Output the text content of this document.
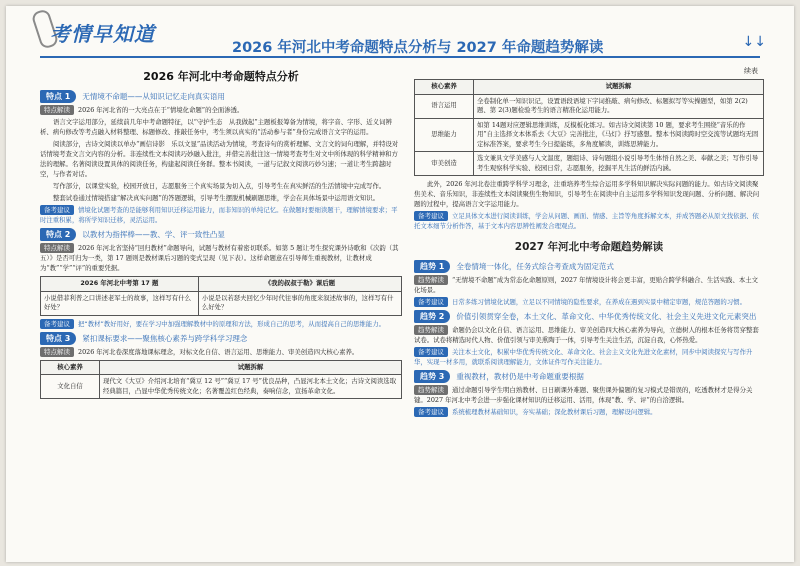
考情早知道
2026 年河北中考命题特点分析与 2027 年命题趋势解读	↓↓
2026 年河北中考命题特点分析
特点 1	无情境不命题——从知识记忆走向真实语用

特点解读 2026 年河北省的一大亮点在于“情境化命题”的全面渗透。

语言文字运用部分，延续前几年中考命题特征，以“守护生态　从我做起”主题板报筹备为情境，将字音、字形、近义词辨析、病句修改等考点融入材料整理、标题修改、推敲任务中，考生须以真实的“活动参与者”身份完成语言文字的运用。

阅读部分，古诗文阅读以单办“画信诗影　乐以文显”品读活动为情境，考查诗句的赏析理解、文言文的词句理解，并特设对话情境考查文言文内容的分析。非连续性文本阅读巧妙融入批注，并借完善批注这一情境考查考生对文中所体现的科学精神和方法的理解。名著阅读设置具体的阅读任务，构建起阅读任务群。整本书阅读，一道与记叙文阅读巧妙匀速；一道让考生跨越时空，与作者对话。

写作部分，以课堂实验，校园开放日，志愿服务三个真实场景为切入点，引导考生在真实鲜活的生活情境中完成写作。

整套试卷通过情境搭建“解决真实问题”的答题逻辑，引导考生摆脱机械刷题思维，学会在具体场景中运用语文知识。

备考建议 情境化试题考查的是能够利用知识迁移运用能力，而非知识的单纯记忆。在做题时要细读题干，理解情境要求；平时注重积累，将所学知识迁移，灵活运用。

特点 2	以教材为指挥棒——教、学、评一致性凸显

特点解读 2026 年河北省坚持“回归教材”命题导向，试题与教材有着密切联系。如第 5 题让考生探究课外诗歌和《次韵（其五）》是否可归为一类，第 17 题则是教材课后习题的变式呈现（见下表）。这样命题意在引导师生重视教材，让教材成为“教”“学”“评”的重要凭据。

2026 年河北中考第 17 题	《我的叔叔于勒》课后题
小说借菲利普之口讲述老军士的故事，这样写有什么好处？	小说是以若瑟夫回忆少年时代往事的角度来叙述故事的，这样写有什么好处？

备考建议 把“教材”教好用好，要在学习中加强理解教材中的原理和方法，形成自己的思考，从而提高自己的思维能力。

特点 3	紧扣课标要求——聚焦核心素养与跨学科学习理念

特点解读 2026 年河北卷深度落地课标理念，对标文化自信、语言运用、思维能力、审美创造四大核心素养。

核心素养	试题拆解
文化自信	现代文《大豆》介绍河北培育“冀豆 12 号”“冀豆 17 号”优良品种，凸显河北本土文化；古诗文阅读选取经典篇目，凸显中华优秀传统文化；名著覆盖红色经典，奏响信念，宣扬革命文化。
续表
核心素养	试题拆解
语言运用	全卷制化单一知识识记，设置语段语境下字词推敲、病句修改、标题拟写等实操题型，如第 2(2)题、第 2(3)题检验考生的语言精准化运用能力。
思维能力	如第 14题对应逻辑思维训练，反模板化练习。如古诗文阅读第 10 题，要求考生围绕“音乐的作用”自主选择文本体系去《大豆》完善批注，《马灯》抒写感想。整本书阅读跨时空交流等试题均无固定标准答案，要求考生今日提能练，多角度解读，训练思辨能力。
审美创造	选文兼具文学美感与人文温度，题组诗、诗句题组小说引导考生体悟自然之美、奉献之美；写作引导考生观察科学实验、校园日常，志愿服务，挖掘平凡生活的鲜活内涵。

此外，2026 年河北卷注重跨学科学习理念，注重培养考生综合运用多学科知识解决实际问题的能力。如古诗文阅读聚焦美术、音乐知识，非连续性文本阅读聚焦生物知识，引导考生在阅读中自主运用多学科知识发现问题、分析问题、解决问题的过程中，提高语言文字运用能力。

备考建议 立足具体文本进行阅读训练，学会从问题、画面、情感、主旨等角度拆解文本，并成答题必从原文找依据、依托文本细节分析作答，基于文本内容思辨性阐发合理观点。

2027 年河北中考命题趋势解读
趋势 1	全卷情境一体化，任务式综合考查成为固定范式

趋势解读 “无情境不命题”成为常态化命题原则，2027 年情境设计将会更丰富，更贴合跨学科融合、生活实践、本土文化场景。

备考建议 日常多练习情境化试题，立足以不同情境的隐性要求，在养成在遇到实景中精定审题，规范答题的习惯。

趋势 2	价值引领贯穿全卷，本土文化、革命文化、中华优秀传统文化、社会主义先进文化元素突出

趋势解读 命题仍会以文化自信、语言运用、思维能力、审美创造四大核心素养为导向，立德树人的根本任务将贯穿整套试卷。试卷将精选时代人物、价值引领与审美熏陶于一体，引导考生关注生活，沉淀自我，心怀热爱。

备考建议 关注本土文化，积累中华优秀传统文化、革命文化、社会主义文化先进文化素材，同步中阅读探究与写作升华，实现一材多用，就联系阅读理解能力，文体证件写作关注能力。

趋势 3	重视教材，教材仍是中考命题重要根据

趋势解读 通过命题引导学生明白熟教材、日日刷课外难题、聚焦课外偏题的复习模式是错误的，吃透教材才是得分关键。2027 年河北中考会进一步强化课材知识的迁移运用、活用，体现“教、学、评”的自洽逻辑。

备考建议 系统梳理教材基础知识，夯实基础；深化教材课后习题，理解设问逻辑。
